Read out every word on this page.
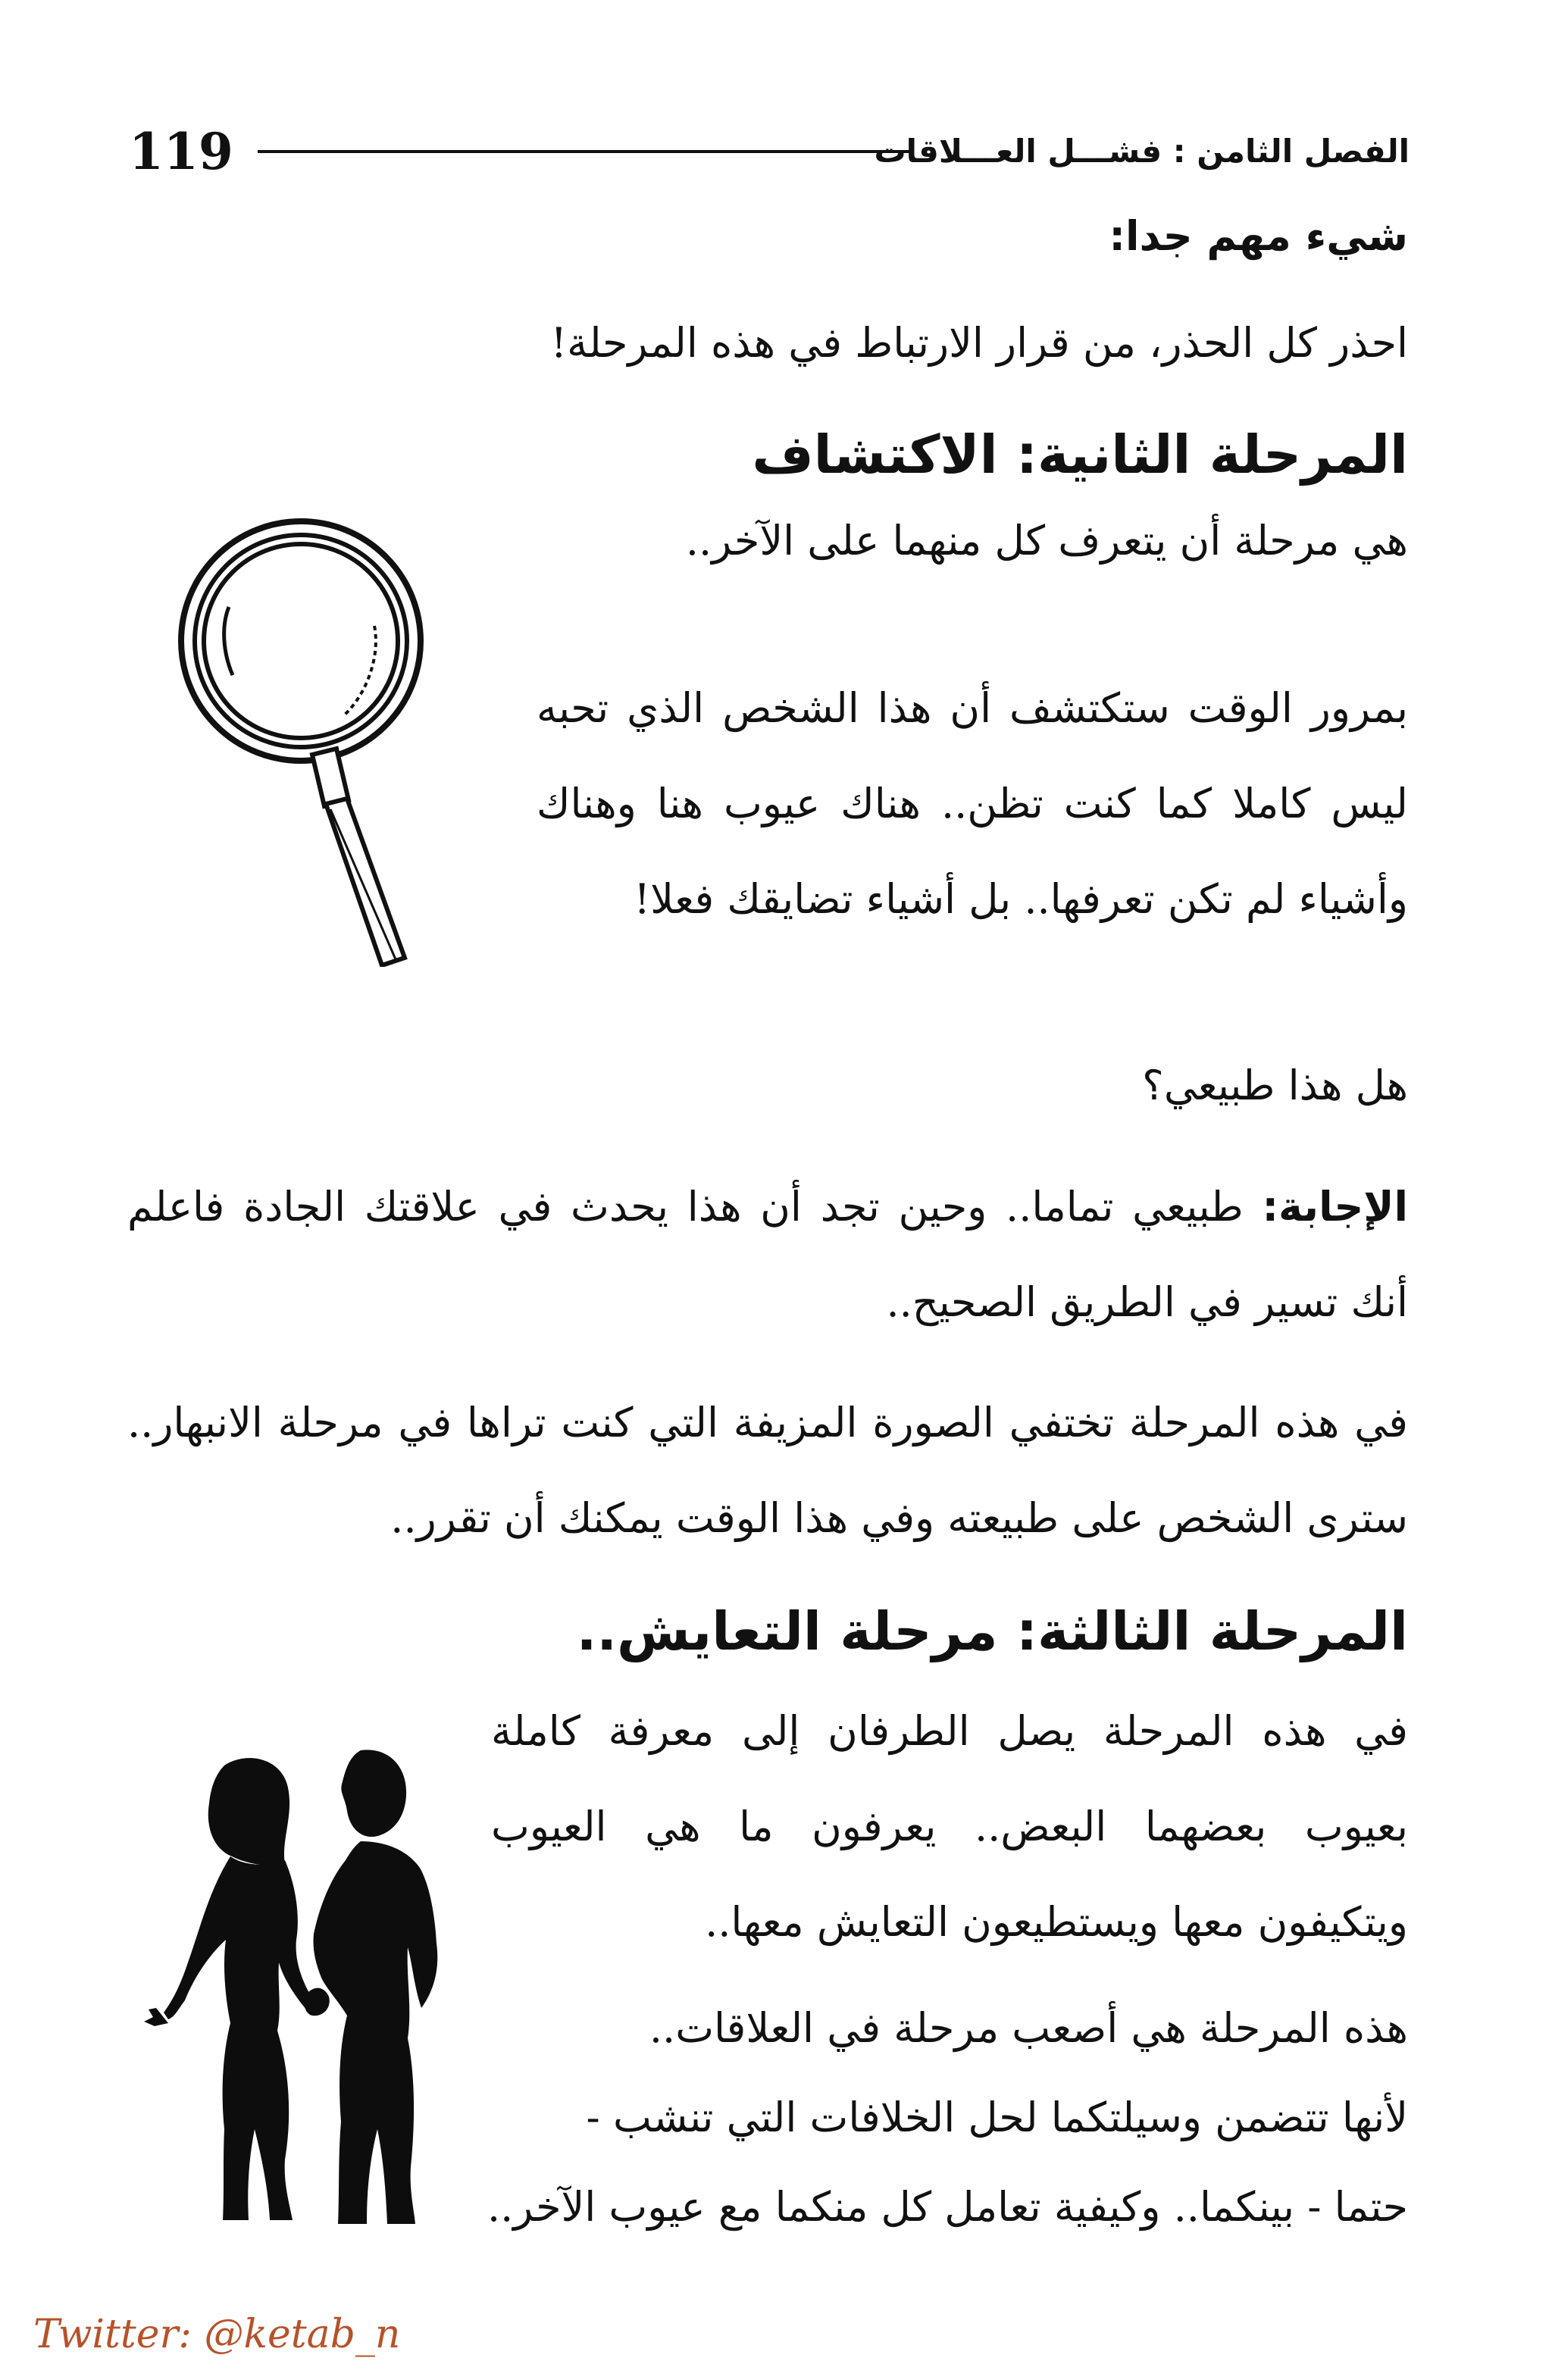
119	الفصل الثامن : فشـــل العـــلاقات

شيء مهم جدا:

احذر كل الحذر، من قرار الارتباط في هذه المرحلة!

المرحلة الثانية: الاكتشاف

هي مرحلة أن يتعرف كل منهما على الآخر..

بمرور الوقت ستكتشف أن هذا الشخص الذي تحبه ليس كاملا كما كنت تظن.. هناك عيوب هنا وهناك وأشياء لم تكن تعرفها.. بل أشياء تضايقك فعلا!

هل هذا طبيعي؟

الإجابة: طبيعي تماما.. وحين تجد أن هذا يحدث في علاقتك الجادة فاعلم أنك تسير في الطريق الصحيح..

في هذه المرحلة تختفي الصورة المزيفة التي كنت تراها في مرحلة الانبهار.. سترى الشخص على طبيعته وفي هذا الوقت يمكنك أن تقرر..

المرحلة الثالثة: مرحلة التعايش..

في هذه المرحلة يصل الطرفان إلى معرفة كاملة بعيوب بعضهما البعض.. يعرفون ما هي العيوب ويتكيفون معها ويستطيعون التعايش معها..

هذه المرحلة هي أصعب مرحلة في العلاقات..

لأنها تتضمن وسيلتكما لحل الخلافات التي تنشب -

حتما - بينكما.. وكيفية تعامل كل منكما مع عيوب الآخر..

Twitter: @ketab_n
